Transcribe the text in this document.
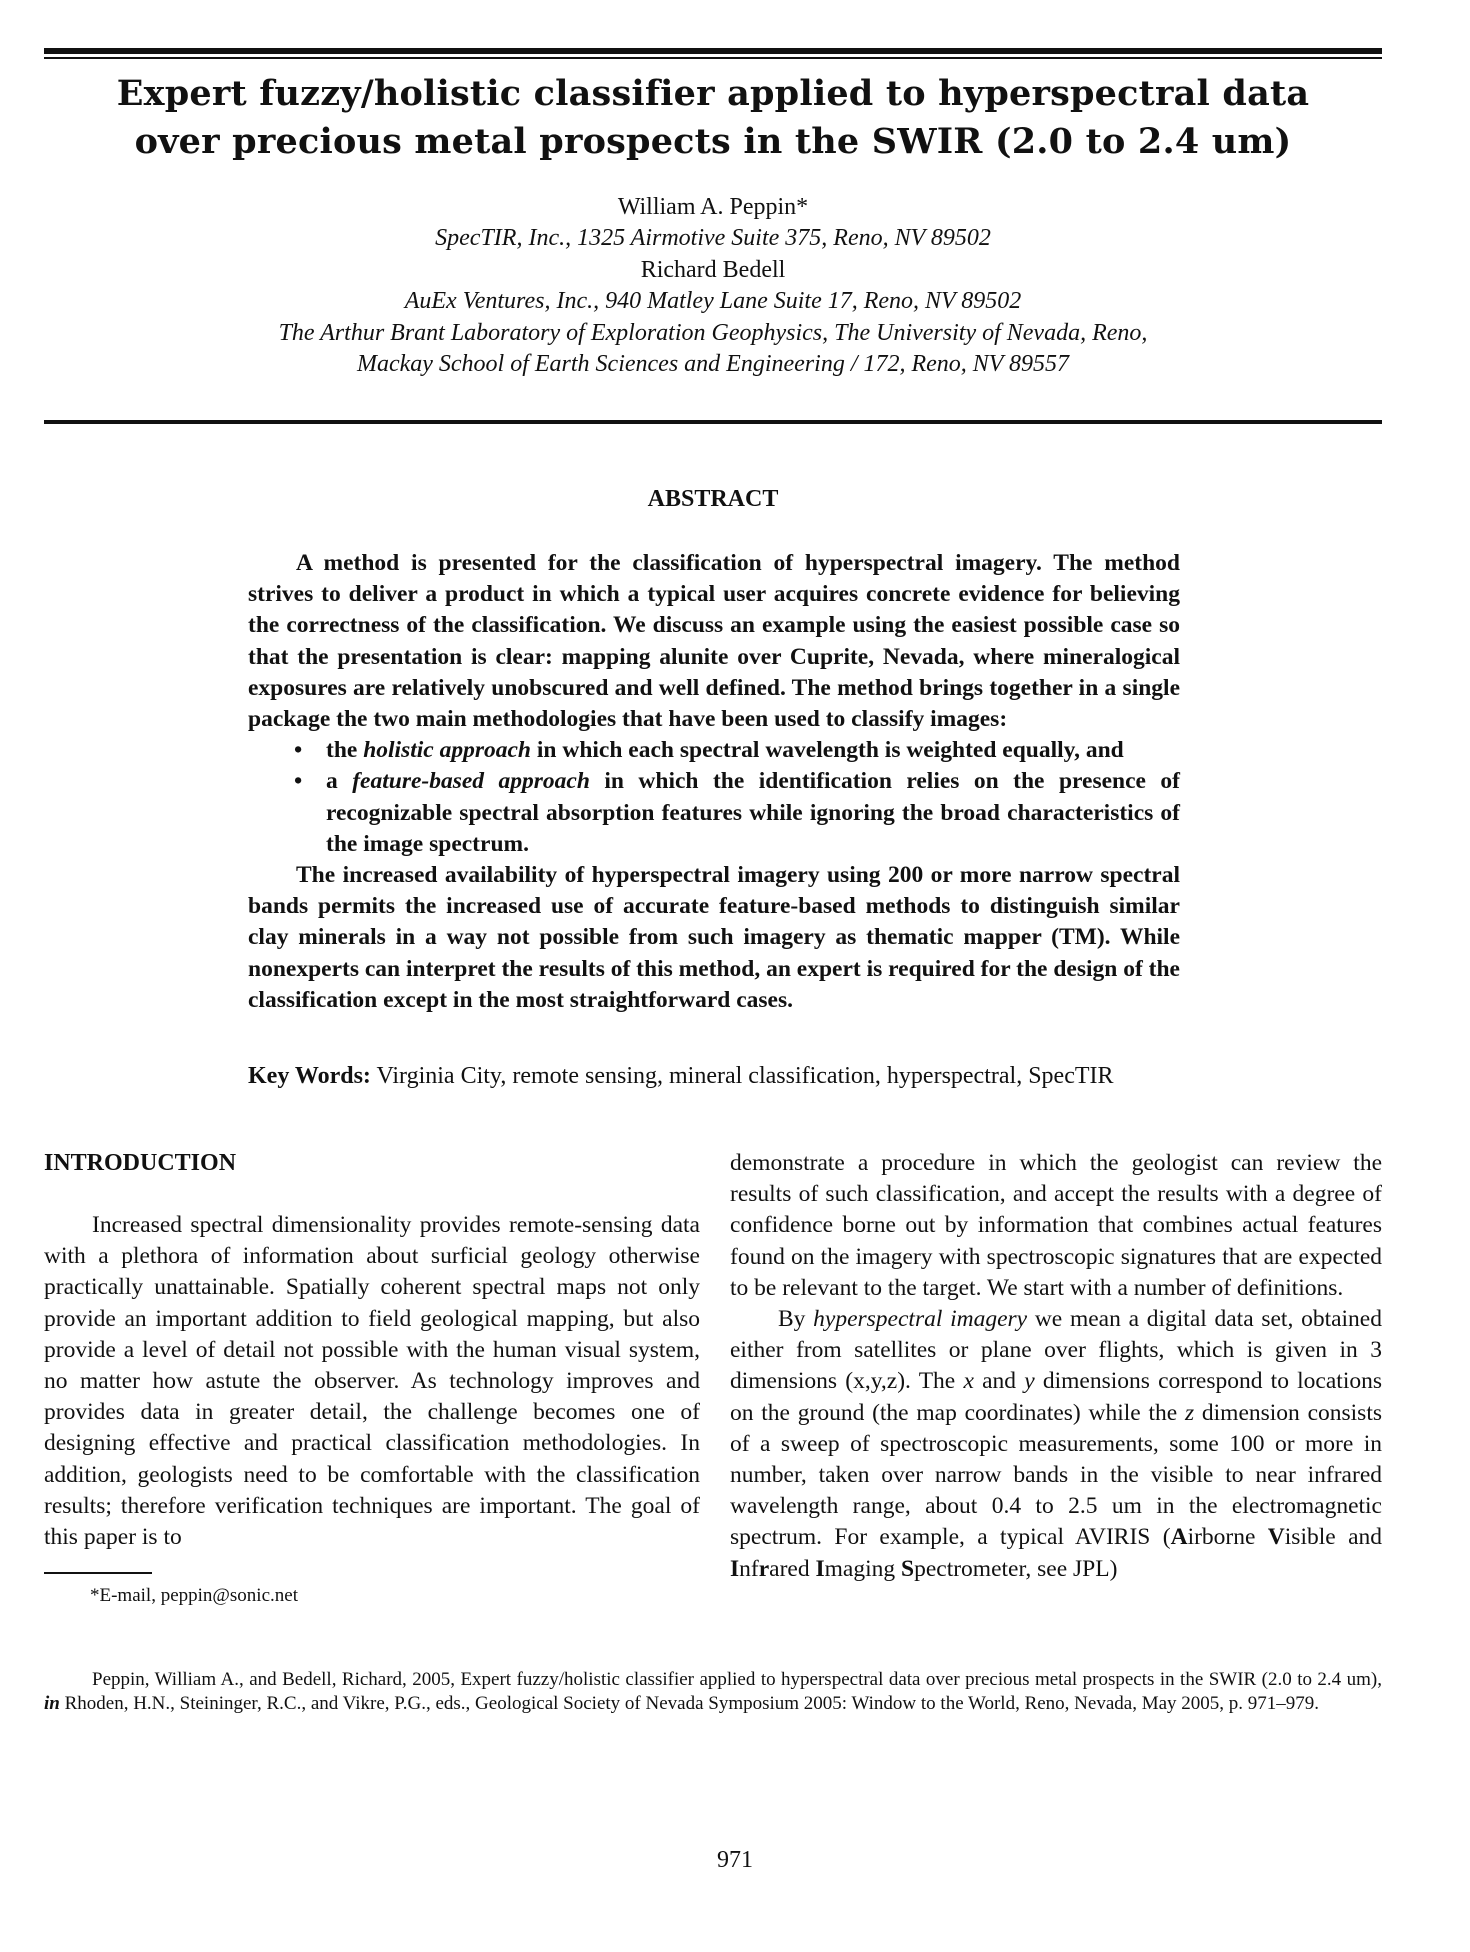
Expert fuzzy/holistic classifier applied to hyperspectral data
over precious metal prospects in the SWIR (2.0 to 2.4 um)
William A. Peppin*
SpecTIR, Inc., 1325 Airmotive Suite 375, Reno, NV 89502
Richard Bedell
AuEx Ventures, Inc., 940 Matley Lane Suite 17, Reno, NV 89502
The Arthur Brant Laboratory of Exploration Geophysics, The University of Nevada, Reno,
Mackay School of Earth Sciences and Engineering / 172, Reno, NV 89557
ABSTRACT

A method is presented for the classification of hyperspectral imagery. The method strives to deliver a product in which a typical user acquires concrete evidence for believing the correctness of the classification. We discuss an example using the easiest possible case so that the presentation is clear: mapping alunite over Cuprite, Nevada, where mineralogical exposures are relatively unobscured and well defined. The method brings together in a single package the two main methodologies that have been used to classify images:

• the holistic approach in which each spectral wavelength is weighted equally, and
• a feature-based approach in which the identification relies on the presence of recognizable spectral absorption features while ignoring the broad characteristics of the image spectrum.

The increased availability of hyperspectral imagery using 200 or more narrow spectral bands permits the increased use of accurate feature-based methods to distinguish similar clay minerals in a way not possible from such imagery as thematic mapper (TM). While nonexperts can interpret the results of this method, an expert is required for the design of the classification except in the most straightforward cases.

Key Words: Virginia City, remote sensing, mineral classification, hyperspectral, SpecTIR
INTRODUCTION

Increased spectral dimensionality provides remote-sensing data with a plethora of information about surficial geology otherwise practically unattainable. Spatially coherent spectral maps not only provide an important addition to field geological mapping, but also provide a level of detail not possible with the human visual system, no matter how astute the observer. As technology improves and provides data in greater detail, the challenge becomes one of designing effective and practical classification methodologies. In addition, geologists need to be comfortable with the classification results; therefore verification techniques are important. The goal of this paper is to

demonstrate a procedure in which the geologist can review the results of such classification, and accept the results with a degree of confidence borne out by information that combines actual features found on the imagery with spectroscopic signatures that are expected to be relevant to the target. We start with a number of definitions.

By hyperspectral imagery we mean a digital data set, obtained either from satellites or plane over flights, which is given in 3 dimensions (x,y,z). The x and y dimensions correspond to locations on the ground (the map coordinates) while the z dimension consists of a sweep of spectroscopic measurements, some 100 or more in number, taken over narrow bands in the visible to near infrared wavelength range, about 0.4 to 2.5 um in the electromagnetic spectrum. For example, a typical AVIRIS (Airborne Visible and Infrared Imaging Spectrometer, see JPL)

*E-mail, peppin@sonic.net

Peppin, William A., and Bedell, Richard, 2005, Expert fuzzy/holistic classifier applied to hyperspectral data over precious metal prospects in the SWIR (2.0 to 2.4 um), in Rhoden, H.N., Steininger, R.C., and Vikre, P.G., eds., Geological Society of Nevada Symposium 2005: Window to the World, Reno, Nevada, May 2005, p. 971–979.

971
